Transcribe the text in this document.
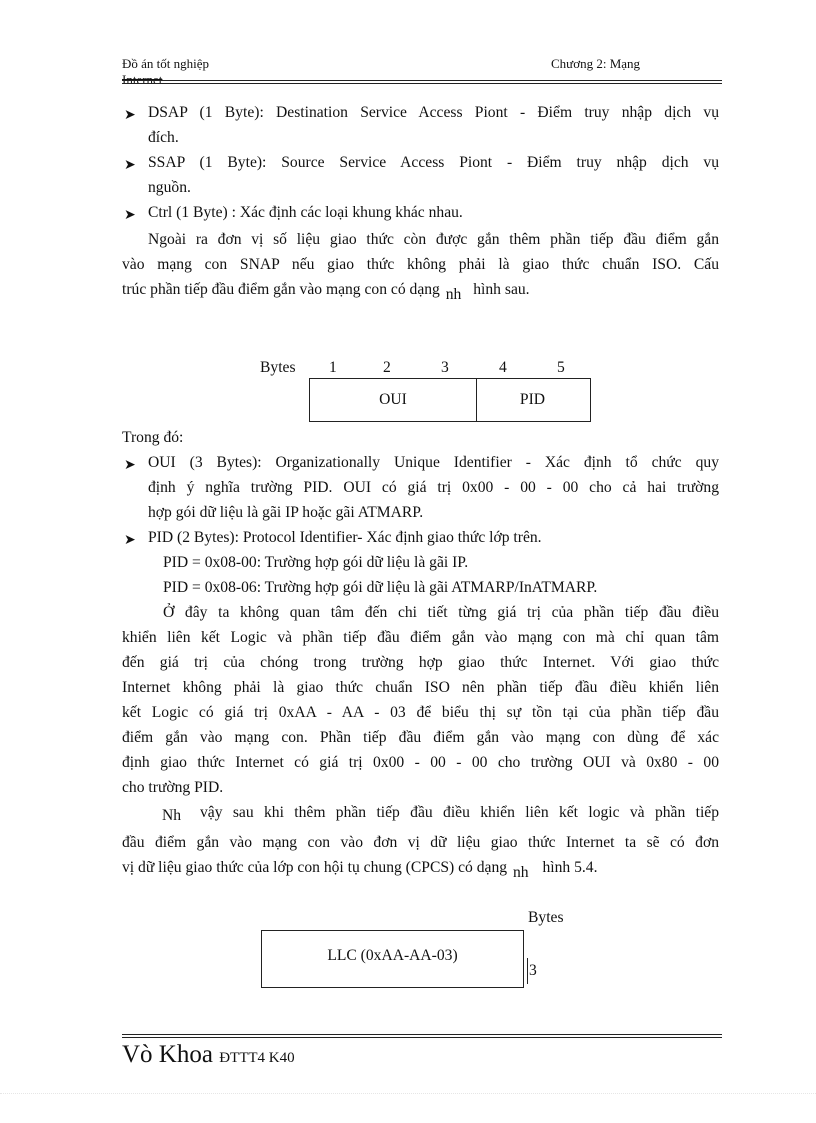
Đồ án tốt nghiệp
Internet
Chương 2: Mạng
➤ DSAP (1 Byte): Destination Service Access Piont - Điểm truy nhập dịch vụ
đích.
➤ SSAP (1 Byte): Source Service Access Piont - Điểm truy nhập dịch vụ
nguồn.
➤ Ctrl (1 Byte) : Xác định các loại khung khác nhau.
Ngoài ra đơn vị số liệu giao thức còn được gắn thêm phần tiếp đầu điểm gắn
vào mạng con SNAP nếu giao thức không phải là giao thức chuẩn ISO. Cấu
trúc phần tiếp đầu điểm gắn vào mạng con có dạng nh hình sau.
Bytes 1	2	3	4	5
OUI	PID
Trong đó:
➤ OUI (3 Bytes): Organizationally Unique Identifier - Xác định tổ chức quy
định ý nghĩa trường PID. OUI có giá trị 0x00 - 00 - 00 cho cả hai trường
hợp gói dữ liệu là gãi IP hoặc gãi ATMARP.
➤ PID (2 Bytes): Protocol Identifier- Xác định giao thức lớp trên.
PID = 0x08-00: Trường hợp gói dữ liệu là gãi IP.
PID = 0x08-06: Trường hợp gói dữ liệu là gãi ATMARP/InATMARP.
Ở đây ta không quan tâm đến chi tiết từng giá trị của phần tiếp đầu điều
khiển liên kết Logic và phần tiếp đầu điểm gắn vào mạng con mà chỉ quan tâm
đến giá trị của chóng trong trường hợp giao thức Internet. Với giao thức
Internet không phải là giao thức chuẩn ISO nên phần tiếp đầu điều khiển liên
kết Logic có giá trị 0xAA - AA - 03 để biểu thị sự tồn tại của phần tiếp đầu
điểm gắn vào mạng con. Phần tiếp đầu điểm gắn vào mạng con dùng để xác
định giao thức Internet có giá trị 0x00 - 00 - 00 cho trường OUI và 0x80 - 00
cho trường PID.
Nh vậy sau khi thêm phần tiếp đầu điều khiển liên kết logic và phần tiếp
đầu điểm gắn vào mạng con vào đơn vị dữ liệu giao thức Internet ta sẽ có đơn
vị dữ liệu giao thức của lớp con hội tụ chung (CPCS) có dạng nh hình 5.4.
Bytes
LLC (0xAA-AA-03)
3
Vò Khoa ĐTTT4 K40
